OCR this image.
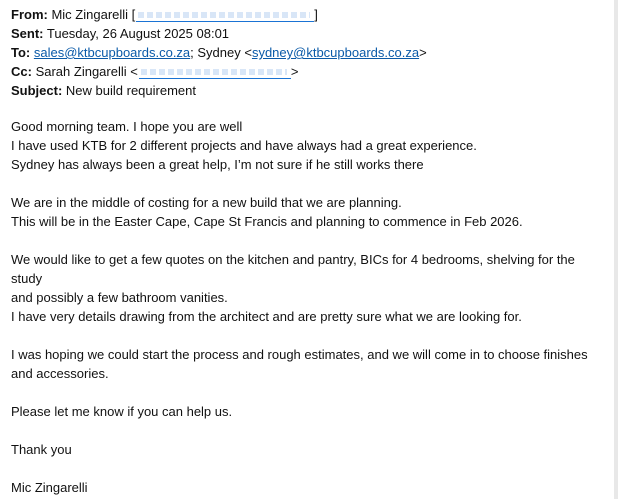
From: Mic Zingarelli [	]
Sent: Tuesday, 26 August 2025 08:01
To: sales@ktbcupboards.co.za; Sydney <sydney@ktbcupboards.co.za>
Cc: Sarah Zingarelli <	>
Subject: New build requirement
Good morning team. I hope you are well
I have used KTB for 2 different projects and have always had a great experience.
Sydney has always been a great help, I’m not sure if he still works there
We are in the middle of costing for a new build that we are planning.
This will be in the Easter Cape, Cape St Francis and planning to commence in Feb 2026.
We would like to get a few quotes on the kitchen and pantry, BICs for 4 bedrooms, shelving for the study
and possibly a few bathroom vanities.
I have very details drawing from the architect and are pretty sure what we are looking for.
I was hoping we could start the process and rough estimates, and we will come in to choose finishes
and accessories.
Please let me know if you can help us.
Thank you
Mic Zingarelli
